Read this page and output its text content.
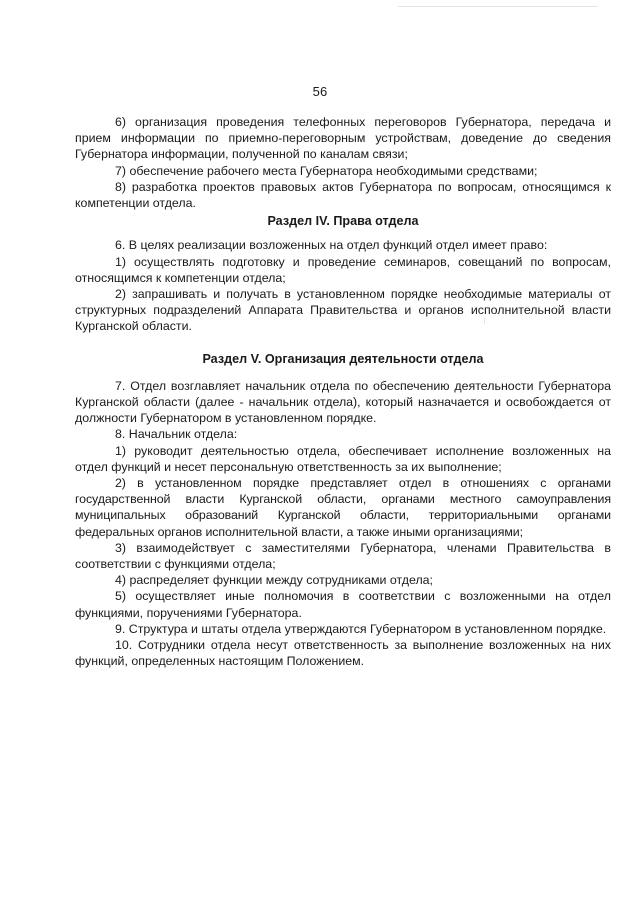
56

6) организация проведения телефонных переговоров Губернатора, передача и прием информации по приемно-переговорным устройствам, доведение до сведения Губернатора информации, полученной по каналам связи;

7) обеспечение рабочего места Губернатора необходимыми средствами;

8) разработка проектов правовых актов Губернатора по вопросам, относящимся к компетенции отдела.

Раздел IV. Права отдела

6. В целях реализации возложенных на отдел функций отдел имеет право:

1) осуществлять подготовку и проведение семинаров, совещаний по вопросам, относящимся к компетенции отдела;

2) запрашивать и получать в установленном порядке необходимые материалы от структурных подразделений Аппарата Правительства и органов исполнительной власти Курганской области.

Раздел V. Организация деятельности отдела

7. Отдел возглавляет начальник отдела по обеспечению деятельности Губернатора Курганской области (далее - начальник отдела), который назначается и освобождается от должности Губернатором в установленном порядке.

8. Начальник отдела:

1) руководит деятельностью отдела, обеспечивает исполнение возложенных на отдел функций и несет персональную ответственность за их выполнение;

2) в установленном порядке представляет отдел в отношениях с органами государственной власти Курганской области, органами местного самоуправления муниципальных образований Курганской области, территориальными органами федеральных органов исполнительной власти, а также иными организациями;

3) взаимодействует с заместителями Губернатора, членами Правительства в соответствии с функциями отдела;

4) распределяет функции между сотрудниками отдела;

5) осуществляет иные полномочия в соответствии с возложенными на отдел функциями, поручениями Губернатора.

9. Структура и штаты отдела утверждаются Губернатором в установленном порядке.

10. Сотрудники отдела несут ответственность за выполнение возложенных на них функций, определенных настоящим Положением.
